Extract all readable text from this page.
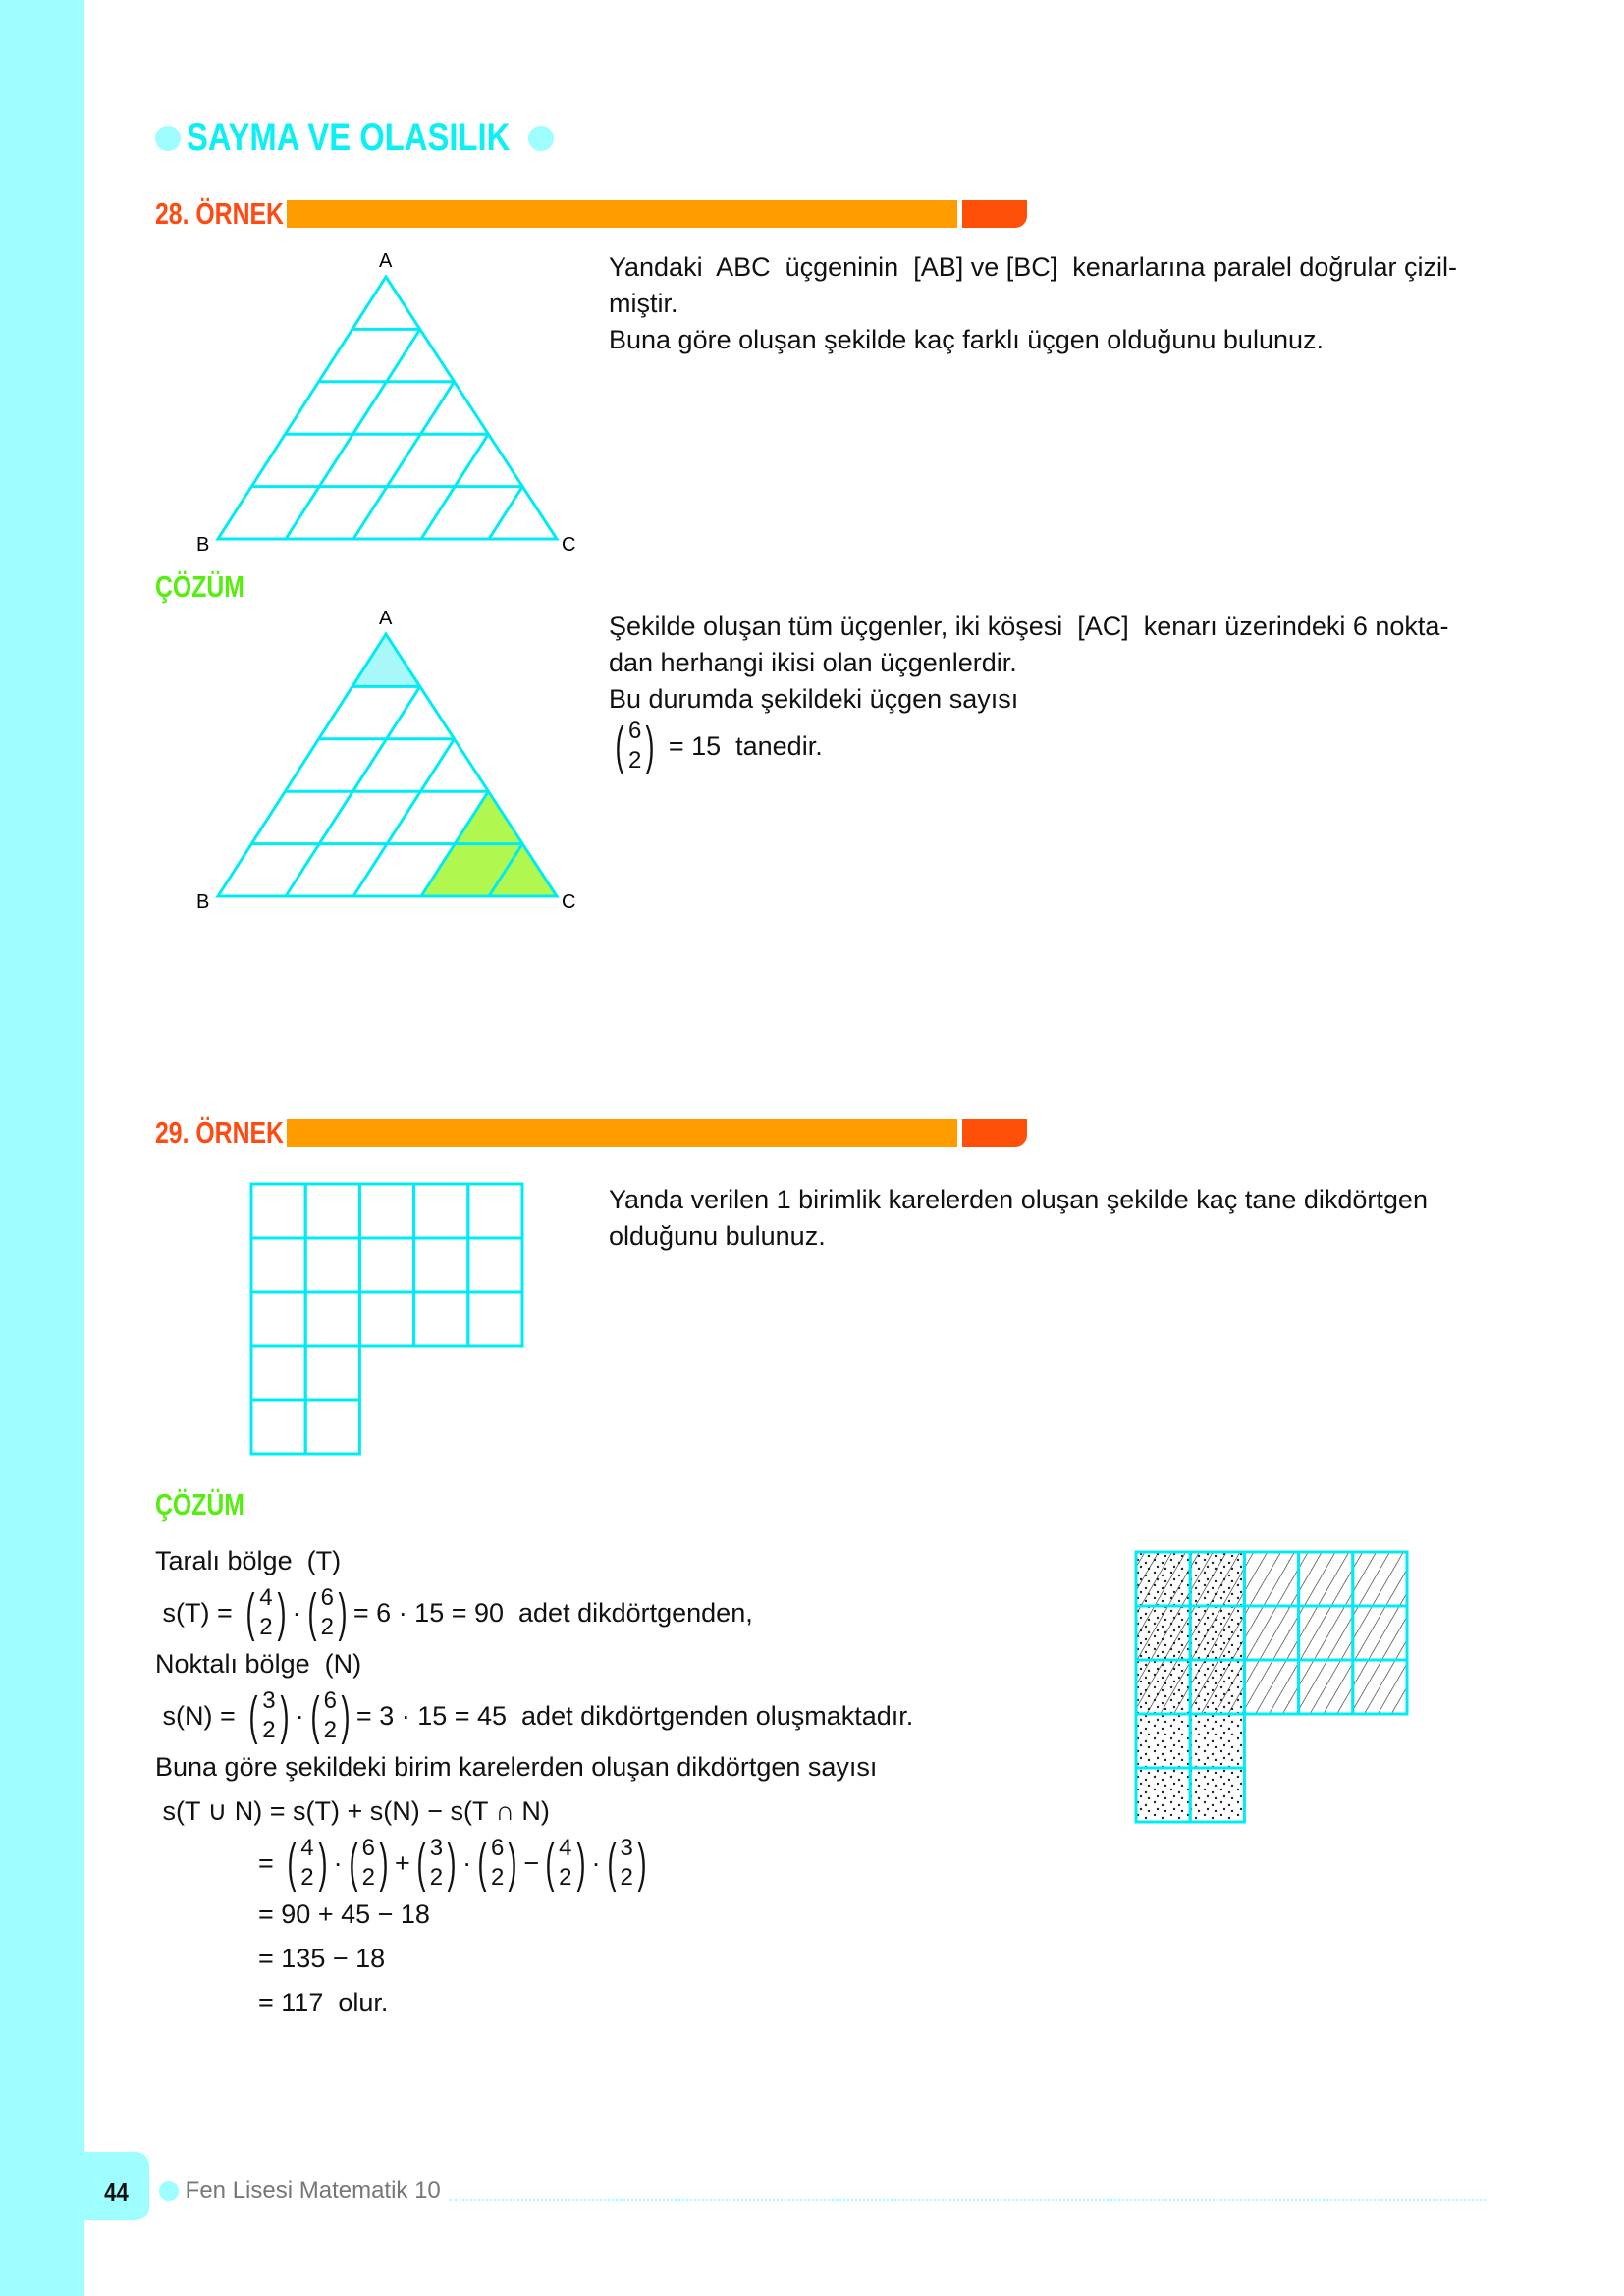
44
Fen Lisesi Matematik 10
SAYMA VE OLASILIK
28. ÖRNEK
Yandaki  ABC  üçgeninin  [AB] ve [BC]  kenarlarına paralel doğrular çizil-
miştir.
Buna göre oluşan şekilde kaç farklı üçgen olduğunu bulunuz.
A
B	C
ÇÖZÜM
A
B	C
Şekilde oluşan tüm üçgenler, iki köşesi  [AC]  kenarı üzerindeki 6 nokta-
dan herhangi ikisi olan üçgenlerdir.
Bu durumda şekildeki üçgen sayısı
( 6
2 ) = 15  tanedir.
29. ÖRNEK
Yanda verilen 1 birimlik karelerden oluşan şekilde kaç tane dikdörtgen
olduğunu bulunuz.
ÇÖZÜM
Taralı bölge  (T)
s(T) = ( 4
2 ) · ( 6
2 ) = 6 · 15 = 90  adet dikdörtgenden,
Noktalı bölge  (N)
s(N) = ( 3
2 ) · ( 6
2 ) = 3 · 15 = 45  adet dikdörtgenden oluşmaktadır.
Buna göre şekildeki birim karelerden oluşan dikdörtgen sayısı
s(T ∪ N) = s(T) + s(N) − s(T ∩ N)
= ( 4
2 ) · ( 6
2 ) + ( 3
2 ) · ( 6
2 ) − ( 4
2 ) · ( 3
2 )
= 90 + 45 − 18
= 135 − 18
= 117  olur.
